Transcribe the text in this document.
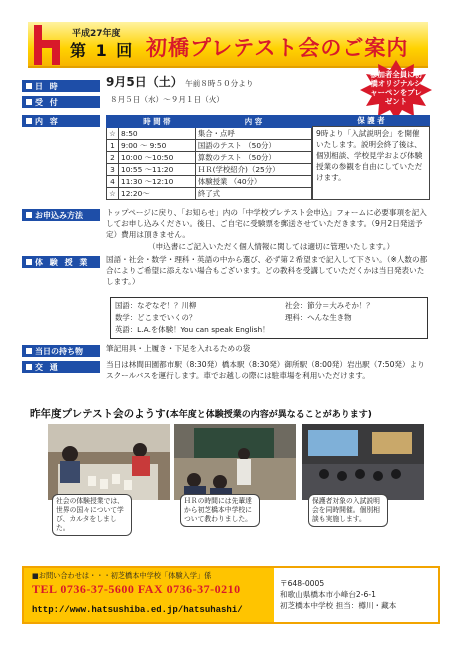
平成27年度
第 1 回 初橋プレテスト会のご案内
参加者全員に初橋オリジナルシャーペンをプレゼント
日 時	9月5日（土） 午前８時５０分より
受 付	８月５日（水）～９月１日（火）
内 容
		時 間 帯	内 容
☆	8:50	集合・点呼
1	9:00 ～ 9:50	国語のテスト （50分）
2	10:00 ～10:50	算数のテスト （50分）
3	10:55 ～11:20	ＨＲ(学校紹介)（25分）
4	11:30 ～12:10	体験授業 （40分）
☆	12:20～	終了式
保 護 者
9時より「入試説明会」を開催いたします。説明会終了後は、個別相談、学校見学および体験授業の参観を自由にしていただけます。
お申込み方法	トップページに戻り、「お知らせ」内の「中学校プレテスト会申込」フォームに必要事項を記入してお申し込みください。後日、ご自宅に受験票を郵送させていただきます。（9月2日発送予定）費用は頂きません。
（申込書にご記入いただく個人情報に関しては適切に管理いたします。）
体 験 授 業	国語・社会・数学・理科・英語の中から選び、必ず第２希望まで記入して下さい。（※人数の都合によりご希望に添えない場合もございます。どの教科を受講していただくかは当日発表いたします。）
国語：なぞなぞ！？川柳	社会：節分＝大みそか！？
数学：どこまでいくの？	理科：へんな生き物
英語：L.A.を体験！You can speak English！
当日の持ち物	筆記用具・上履き・下足を入れるための袋
交 通	当日は林間田園都市駅（8:30発）橋本駅（8:30発）御所駅（8:00発）岩出駅（7:50発）よりスクールバスを運行します。車でお越しの際には駐車場を利用いただけます。
昨年度プレテスト会のようす(本年度と体験授業の内容が異なることがあります)
社会の体験授業では、世界の国々について学び、カルタをしました。
ＨＲの時間には先輩達から初芝橋本中学校について教わりました。
保護者対象の入試説明会を同時開催。個別相談も実施します。
■お問い合わせは・・・初芝橋本中学校「体験入学」係
TEL 0736-37-5600 FAX 0736-37-0210
http://www.hatsushiba.ed.jp/hatsuhashi/
〒648-0005
和歌山県橋本市小峰台2-6-1
初芝橋本中学校 担当：樽川・藏本
